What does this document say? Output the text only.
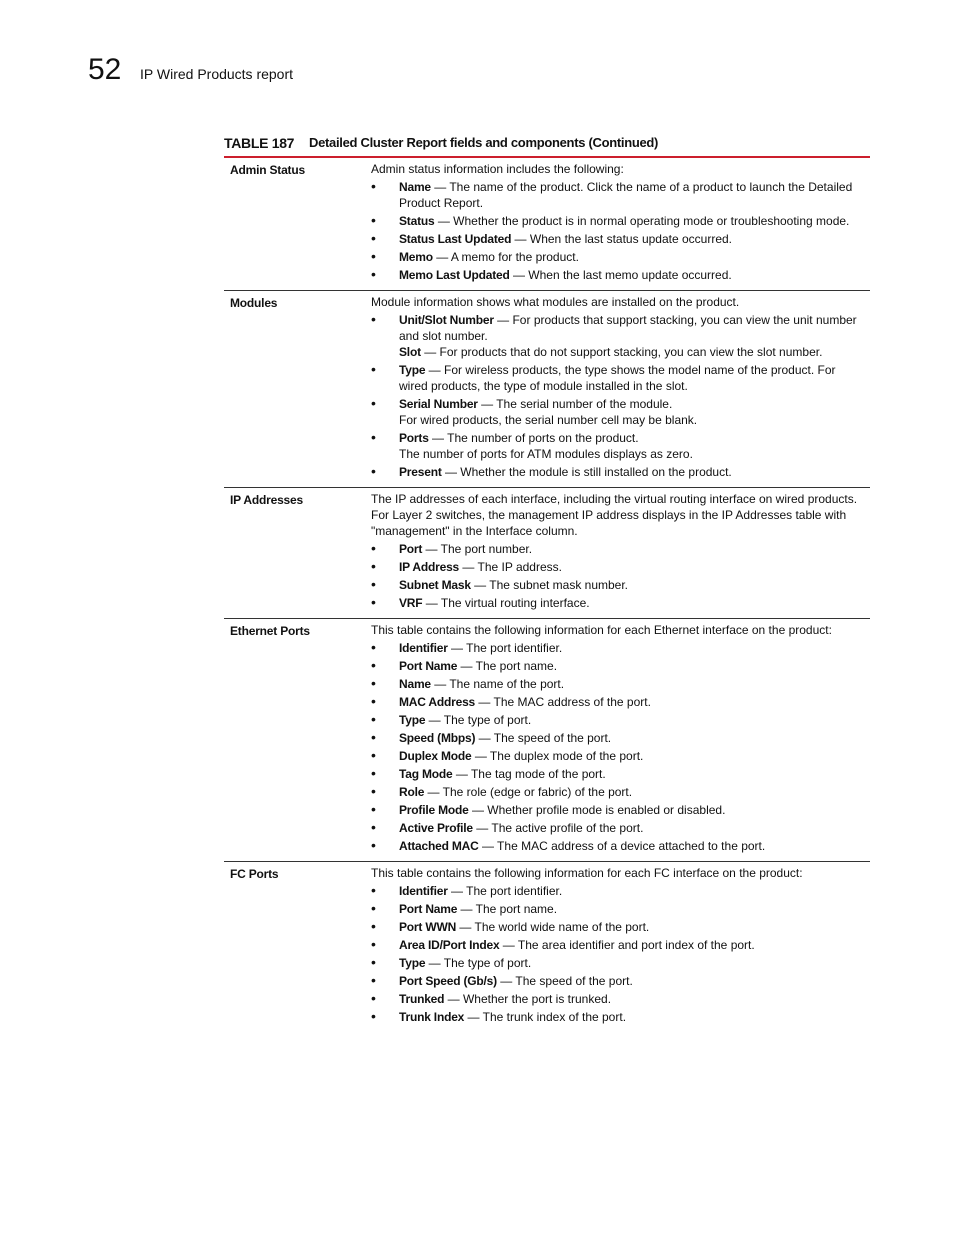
52 IP Wired Products report
TABLE 187 Detailed Cluster Report fields and components (Continued)
Admin Status	Admin status information includes the following:
• Name — The name of the product. Click the name of a product to launch the Detailed Product Report.
• Status — Whether the product is in normal operating mode or troubleshooting mode.
• Status Last Updated — When the last status update occurred.
• Memo — A memo for the product.
• Memo Last Updated — When the last memo update occurred.
Modules	Module information shows what modules are installed on the product.
• Unit/Slot Number — For products that support stacking, you can view the unit number and slot number.
Slot — For products that do not support stacking, you can view the slot number.
• Type — For wireless products, the type shows the model name of the product. For wired products, the type of module installed in the slot.
• Serial Number — The serial number of the module.
For wired products, the serial number cell may be blank.
• Ports — The number of ports on the product.
The number of ports for ATM modules displays as zero.
• Present — Whether the module is still installed on the product.
IP Addresses	The IP addresses of each interface, including the virtual routing interface on wired products. For Layer 2 switches, the management IP address displays in the IP Addresses table with "management" in the Interface column.
• Port — The port number.
• IP Address — The IP address.
• Subnet Mask — The subnet mask number.
• VRF — The virtual routing interface.
Ethernet Ports	This table contains the following information for each Ethernet interface on the product:
• Identifier — The port identifier.
• Port Name — The port name.
• Name — The name of the port.
• MAC Address — The MAC address of the port.
• Type — The type of port.
• Speed (Mbps) — The speed of the port.
• Duplex Mode — The duplex mode of the port.
• Tag Mode — The tag mode of the port.
• Role — The role (edge or fabric) of the port.
• Profile Mode — Whether profile mode is enabled or disabled.
• Active Profile — The active profile of the port.
• Attached MAC — The MAC address of a device attached to the port.
FC Ports	This table contains the following information for each FC interface on the product:
• Identifier — The port identifier.
• Port Name — The port name.
• Port WWN — The world wide name of the port.
• Area ID/Port Index — The area identifier and port index of the port.
• Type — The type of port.
• Port Speed (Gb/s) — The speed of the port.
• Trunked — Whether the port is trunked.
• Trunk Index — The trunk index of the port.
